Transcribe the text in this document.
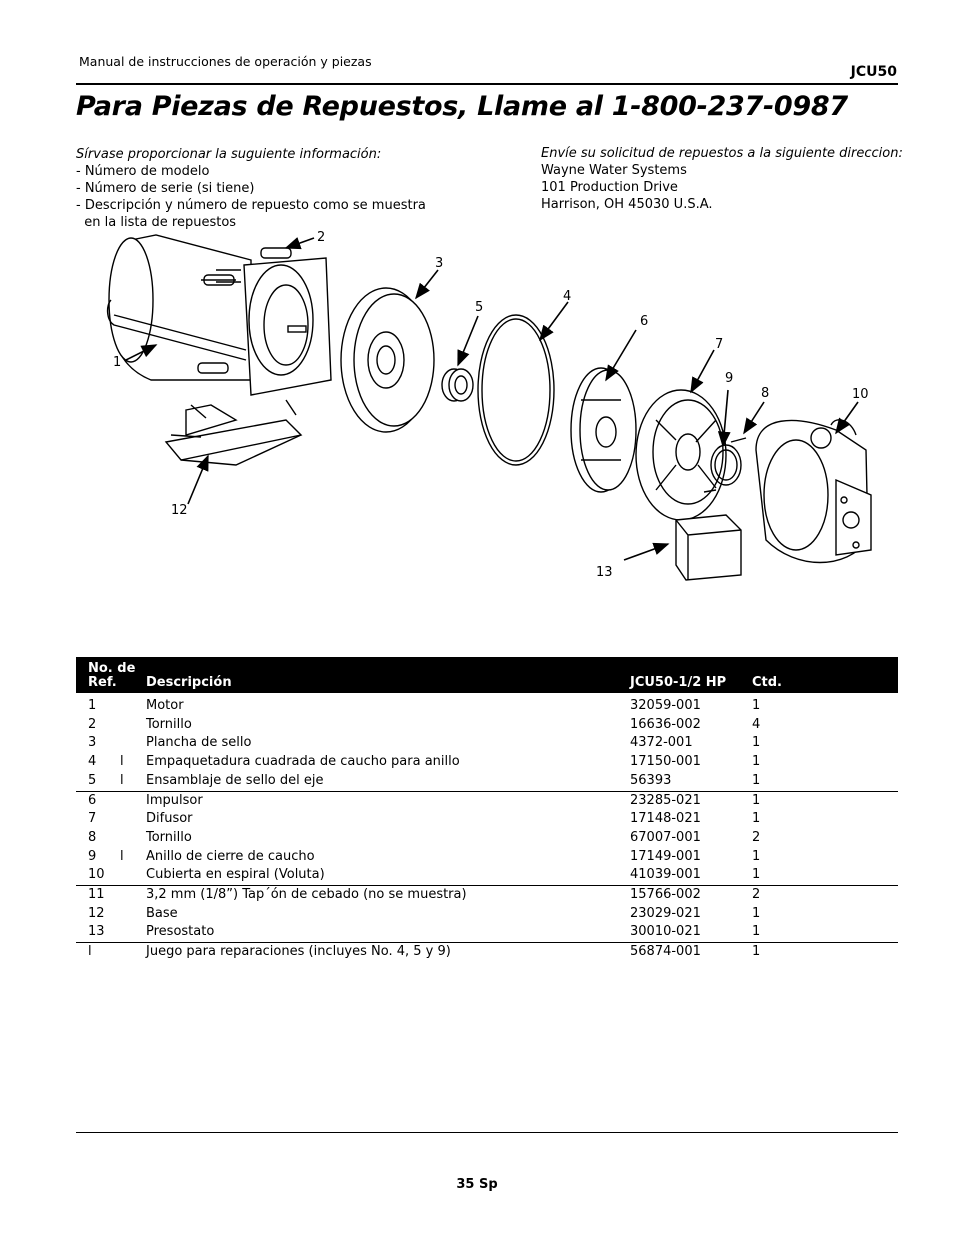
Manual de instrucciones de operación y piezas
JCU50
Para Piezas de Repuestos, Llame al 1-800-237-0987
Sírvase proporcionar la suguiente información:
- Número de modelo
- Número de serie (si tiene)
- Descripción y número de repuesto como se muestra
en la lista de repuestos
Envíe su solicitud de repuestos a la siguiente direccion:
Wayne Water Systems
101 Production Drive
Harrison, OH 45030 U.S.A.
1
2
3
4
5
6
7
8
9
10
12
13
No. de
Ref.	Descripción	JCU50-1/2 HP	Ctd.
1	Motor	32059-001	1
2	Tornillo	16636-002	4
3	Plancha de sello	4372-001	1
4 l	Empaquetadura cuadrada de caucho para anillo	17150-001	1
5 l	Ensamblaje de sello del eje	56393	1
6	Impulsor	23285-021	1
7	Difusor	17148-021	1
8	Tornillo	67007-001	2
9 l	Anillo de cierre de caucho	17149-001	1
10	Cubierta en espiral (Voluta)	41039-001	1
11	3,2 mm (1/8”) Tap´ón de cebado (no se muestra)	15766-002	2
12	Base	23029-021	1
13	Presostato	30010-021	1
l	Juego para reparaciones (incluyes No. 4, 5 y 9)	56874-001	1
35 Sp
